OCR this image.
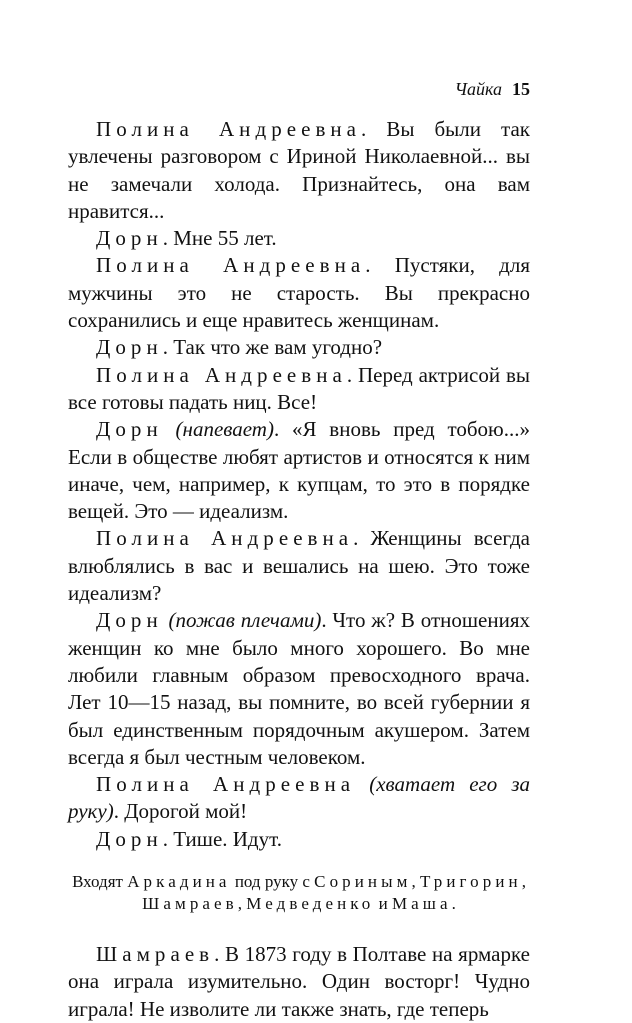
Чайка 15

Полина Андреевна. Вы были так увлечены разговором с Ириной Николаевной... вы не замечали холода. Признайтесь, она вам нравится...

Дорн. Мне 55 лет.

Полина Андреевна. Пустяки, для мужчины это не старость. Вы прекрасно сохранились и еще нравитесь женщинам.

Дорн. Так что же вам угодно?

Полина Андреевна. Перед актрисой вы все готовы падать ниц. Все!

Дорн (напевает). «Я вновь пред тобою...» Если в обществе любят артистов и относятся к ним иначе, чем, например, к купцам, то это в порядке вещей. Это — идеализм.

Полина Андреевна. Женщины всегда влюблялись в вас и вешались на шею. Это тоже идеализм?

Дорн (пожав плечами). Что ж? В отношениях женщин ко мне было много хорошего. Во мне любили главным образом превосходного врача. Лет 10—15 назад, вы помните, во всей губернии я был единственным порядочным акушером. Затем всегда я был честным человеком.

Полина Андреевна (хватает его за руку). Дорогой мой!

Дорн. Тише. Идут.

Входят Аркадина под руку с Сориным, Тригорин,
Шамраев, Медведенко и Маша.

Шамраев. В 1873 году в Полтаве на ярмарке она играла изумительно. Один восторг! Чудно играла! Не изволите ли также знать, где теперь
